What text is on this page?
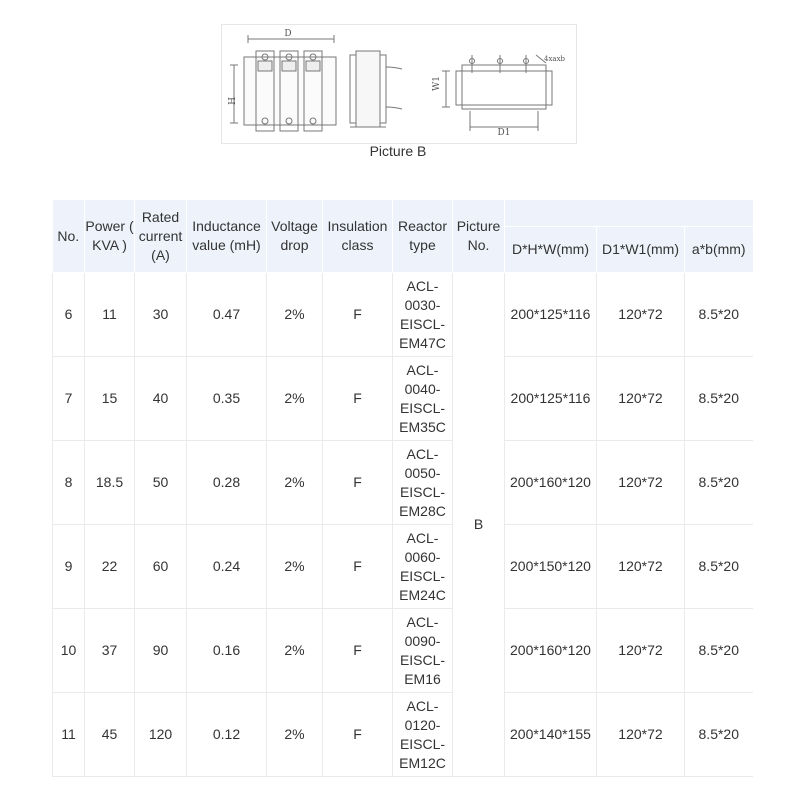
D
H
W1
D1
4xaxb
Picture B
No.	Power ( KVA )	Rated current (A)	Inductance value (mH)	Voltage drop	Insulation class	Reactor type	Picture No.			
								D*H*W(mm)	D1*W1(mm)	a*b(mm)
6	11	30	0.47	2%	F	ACL-0030-EISCL-EM47C	B	200*125*116	120*72	8.5*20
7	15	40	0.35	2%	F	ACL-0040-EISCL-EM35C		200*125*116	120*72	8.5*20
8	18.5	50	0.28	2%	F	ACL-0050-EISCL-EM28C		200*160*120	120*72	8.5*20
9	22	60	0.24	2%	F	ACL-0060-EISCL-EM24C		200*150*120	120*72	8.5*20
10	37	90	0.16	2%	F	ACL-0090-EISCL-EM16		200*160*120	120*72	8.5*20
11	45	120	0.12	2%	F	ACL-0120-EISCL-EM12C		200*140*155	120*72	8.5*20
